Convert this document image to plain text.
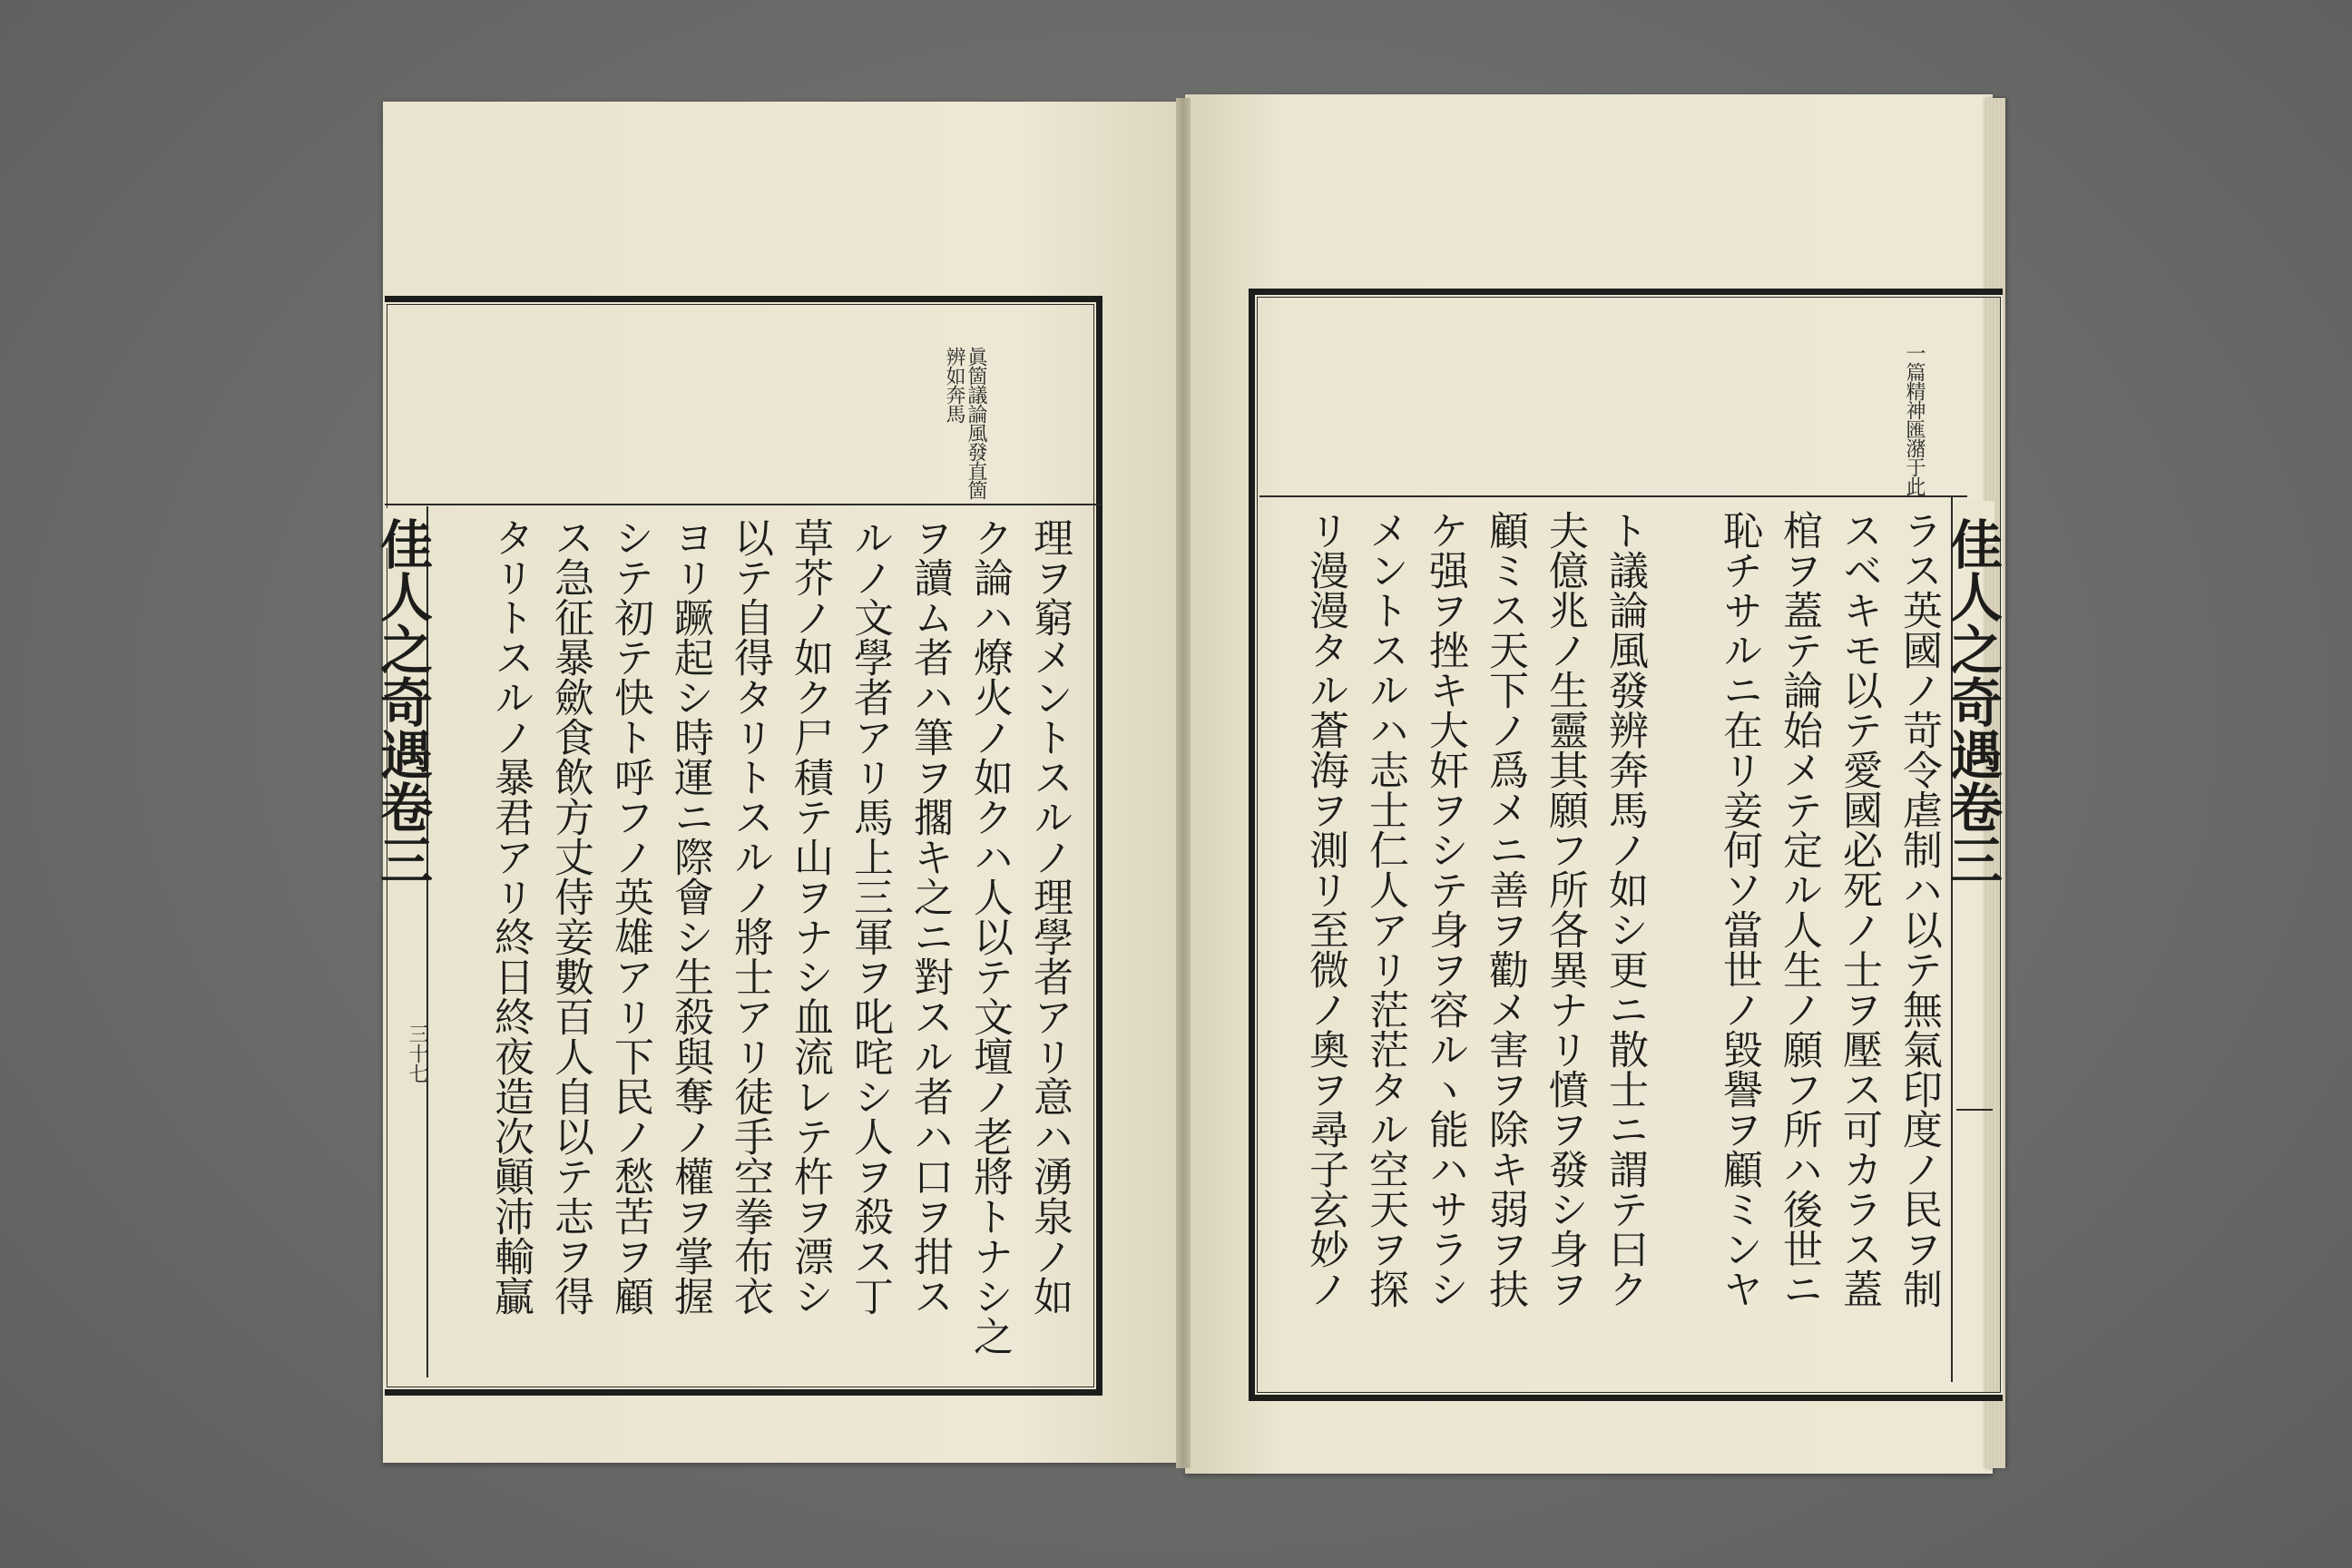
眞箇議論風發直箇
辨如奔馬
佳人之奇遇卷三
三十七	理ヲ窮メントスルノ理學者アリ意ハ湧泉ノ如
ク論ハ燎火ノ如クハ人以テ文壇ノ老將トナシ之
ヲ讀ム者ハ筆ヲ擱キ之ニ對スル者ハ口ヲ拑ス
ルノ文學者アリ馬上三軍ヲ叱咤シ人ヲ殺ス丁
草芥ノ如ク尸積テ山ヲナシ血流レテ杵ヲ漂シ
以テ自得タリトスルノ將士アリ徒手空拳布衣
ヨリ蹶起シ時運ニ際會シ生殺與奪ノ權ヲ掌握
シテ初テ快ト呼フノ英雄アリ下民ノ愁苦ヲ顧
ス急征暴歛食飲方丈侍妾數百人自以テ志ヲ得
タリトスルノ暴君アリ終日終夜造次顚沛輸贏
一篇精神匯潴于此
佳人之奇遇卷三
ラス英國ノ苛令虐制ハ以テ無氣印度ノ民ヲ制
スベキモ以テ愛國必死ノ士ヲ壓ス可カラス蓋
棺ヲ蓋テ論始メテ定ル人生ノ願フ所ハ後世ニ
恥チサルニ在リ妾何ソ當世ノ毀譽ヲ顧ミンヤ
ト議論風發辨奔馬ノ如シ更ニ散士ニ謂テ曰ク
夫億兆ノ生靈其願フ所各異ナリ憤ヲ發シ身ヲ
顧ミス天下ノ爲メニ善ヲ勸メ害ヲ除キ弱ヲ扶
ケ强ヲ挫キ大奸ヲシテ身ヲ容ルヽ能ハサラシ
メントスルハ志士仁人アリ茫茫タル空天ヲ探
リ漫漫タル蒼海ヲ測リ至微ノ奧ヲ尋子玄妙ノ
